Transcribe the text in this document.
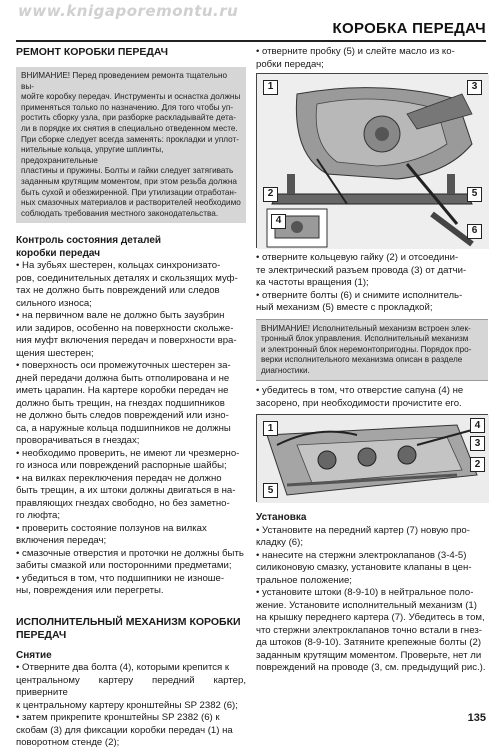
www.knigaporemontu.ru
КОРОБКА ПЕРЕДАЧ
РЕМОНТ КОРОБКИ ПЕРЕДАЧ
ВНИМАНИЕ! Перед проведением ремонта тщательно вы-
мойте коробку передач. Инструменты и оснастка должны
применяться только по назначению. Для того чтобы уп-
ростить сборку узла, при разборке раскладывайте дета-
ли в порядке их снятия в специально отведенном месте.
При сборке следует всегда заменять: прокладки и уплот-
нительные кольца, упругие шплинты, предохранительные
пластины и пружины. Болты и гайки следует затягивать
заданным крутящим моментом, при этом резьба должна
быть сухой и обезжиренной. При утилизации отработан-
ных смазочных материалов и растворителей необходимо
соблюдать требования местного законодательства.
Контроль состояния деталей
коробки передач
• На зубьях шестерен, кольцах синхронизато-
ров, соединительных деталях и скользящих муф-
тах не должно быть повреждений или следов
сильного износа;
• на первичном вале не должно быть заузбрин
или задиров, особенно на поверхности скольже-
ния муфт включения передач и поверхности вра-
щения шестерен;
• поверхность оси промежуточных шестерен за-
дней передачи должна быть отполирована и не
иметь царапин. На картере коробки передач не
должно быть трещин, на гнездах подшипников
не должно быть следов повреждений или изно-
са, а наружные кольца подшипников не должны
проворачиваться в гнездах;
• необходимо проверить, не имеют ли чрезмерно-
го износа или повреждений распорные шайбы;
• на вилках переключения передач не должно
быть трещин, а их штоки должны двигаться в на-
правляющих гнездах свободно, но без заметно-
го люфта;
• проверить состояние ползунов на вилках
включения передач;
• смазочные отверстия и проточки не должны быть
забиты смазкой или посторонними предметами;
• убедиться в том, что подшипники не изноше-
ны, повреждения или перегреты.
ИСПОЛНИТЕЛЬНЫЙ МЕХАНИЗМ КОРОБКИ
ПЕРЕДАЧ
Снятие
• Отверните два болта (4), которыми крепится к
центральному картеру передний картер, приверните
к центральному картеру кронштейны SP 2382 (6);
• затем прикрепите кронштейны SP 2382 (6) к
скобам (3) для фиксации коробки передач (1) на
поворотном стенде (2);
• отверните пробку (5) и слейте масло из ко-
робки передач;
1	3
2	5
4
6
• отверните кольцевую гайку (2) и отсоедини-
те электрический разъем провода (3) от датчи-
ка частоты вращения (1);
• отверните болты (6) и снимите исполнитель-
ный механизм (5) вместе с прокладкой;
ВНИМАНИЕ! Исполнительный механизм встроен элек-
тронный блок управления. Исполнительный механизм
и электронный блок неремонтопригодны. Порядок про-
верки исполнительного механизма описан в разделе
диагностики.
• убедитесь в том, что отверстие сапуна (4) не
засорено, при необходимости прочистите его.
4
3
1
2
5
Установка
• Установите на передний картер (7) новую про-
кладку (6);
• нанесите на стержни электроклапанов (3-4-5)
силиконовую смазку, установите клапаны в цен-
тральное положение;
• установите штоки (8-9-10) в нейтральное поло-
жение. Установите исполнительный механизм (1)
на крышку переднего картера (7). Убедитесь в том,
что стержни электроклапанов точно встали в гнез-
да штоков (8-9-10). Затяните крепежные болты (2)
заданным крутящим моментом. Проверьте, нет ли
повреждений на проводе (3, см. предыдущий рис.).
135
